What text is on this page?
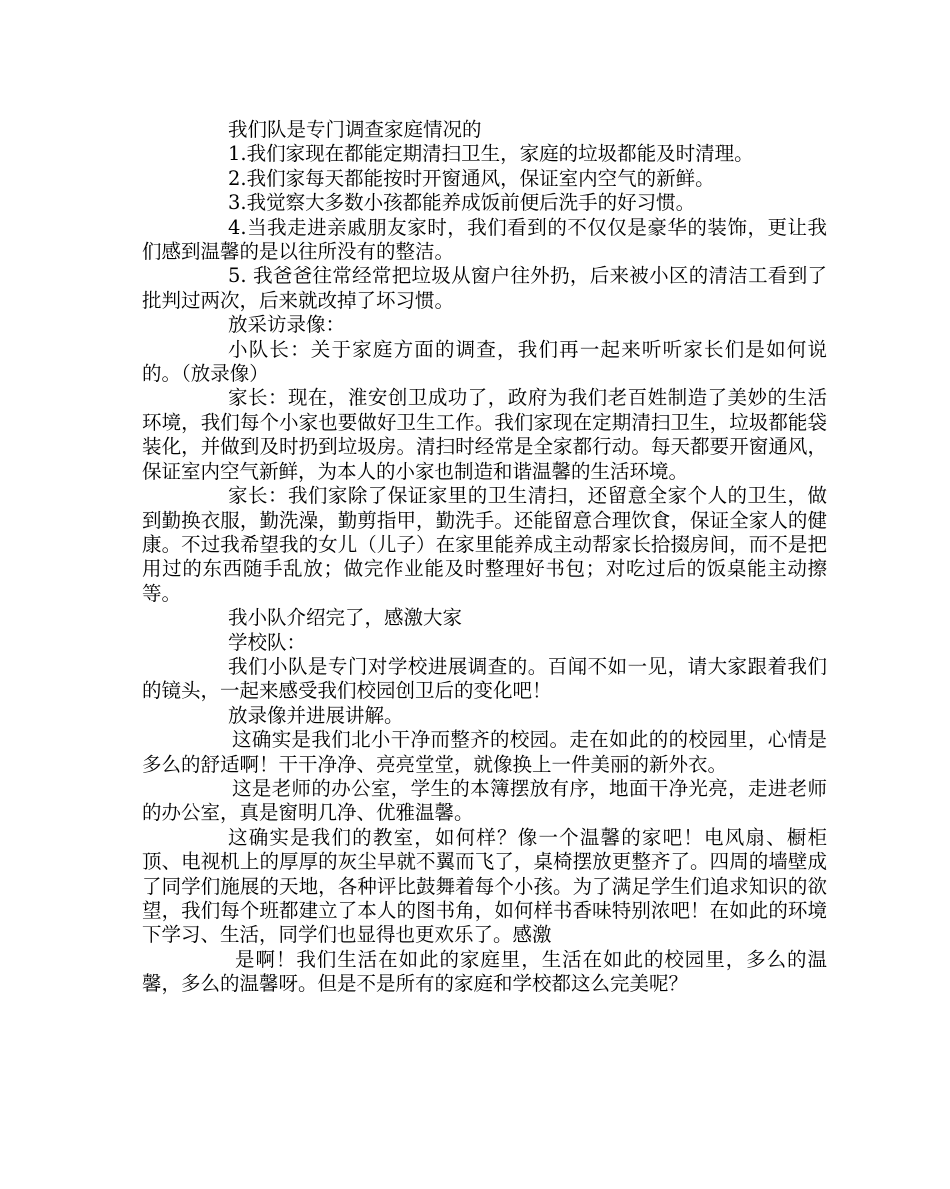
我们队是专门调查家庭情况的

1.我们家现在都能定期清扫卫生，家庭的垃圾都能及时清理。

2.我们家每天都能按时开窗通风，保证室内空气的新鲜。

3.我觉察大多数小孩都能养成饭前便后洗手的好习惯。

4.当我走进亲戚朋友家时，我们看到的不仅仅是豪华的装饰，更让我们感到温馨的是以往所没有的整洁。

5. 我爸爸往常经常把垃圾从窗户往外扔，后来被小区的清洁工看到了批判过两次，后来就改掉了坏习惯。

放采访录像：

小队长：关于家庭方面的调查，我们再一起来听听家长们是如何说的。（放录像）

家长：现在，淮安创卫成功了，政府为我们老百姓制造了美妙的生活环境，我们每个小家也要做好卫生工作。我们家现在定期清扫卫生，垃圾都能袋装化，并做到及时扔到垃圾房。清扫时经常是全家都行动。每天都要开窗通风，保证室内空气新鲜，为本人的小家也制造和谐温馨的生活环境。

家长：我们家除了保证家里的卫生清扫，还留意全家个人的卫生，做到勤换衣服，勤洗澡，勤剪指甲，勤洗手。还能留意合理饮食，保证全家人的健康。不过我希望我的女儿（儿子）在家里能养成主动帮家长拾掇房间，而不是把用过的东西随手乱放；做完作业能及时整理好书包；对吃过后的饭桌能主动擦等。

我小队介绍完了，感激大家

学校队：

我们小队是专门对学校进展调查的。百闻不如一见，请大家跟着我们的镜头，一起来感受我们校园创卫后的变化吧！

放录像并进展讲解。

这确实是我们北小干净而整齐的校园。走在如此的的校园里，心情是多么的舒适啊！干干净净、亮亮堂堂，就像换上一件美丽的新外衣。

这是老师的办公室，学生的本簿摆放有序，地面干净光亮，走进老师的办公室，真是窗明几净、优雅温馨。

这确实是我们的教室，如何样？像一个温馨的家吧！电风扇、橱柜顶、电视机上的厚厚的灰尘早就不翼而飞了，桌椅摆放更整齐了。四周的墙壁成了同学们施展的天地，各种评比鼓舞着每个小孩。为了满足学生们追求知识的欲望，我们每个班都建立了本人的图书角，如何样书香味特别浓吧！在如此的环境下学习、生活，同学们也显得也更欢乐了。感激

是啊！我们生活在如此的家庭里，生活在如此的校园里，多么的温馨，多么的温馨呀。但是不是所有的家庭和学校都这么完美呢？
